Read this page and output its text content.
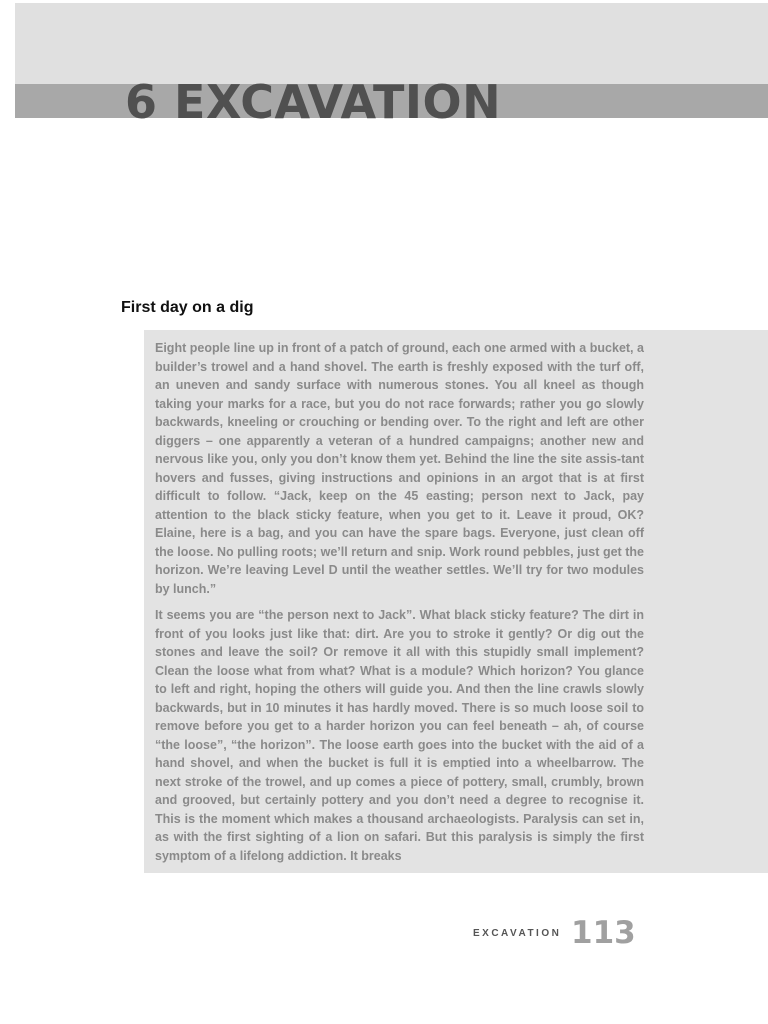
6 EXCAVATION
First day on a dig

Eight people line up in front of a patch of ground, each one armed with a bucket, a builder’s trowel and a hand shovel. The earth is freshly exposed with the turf off, an uneven and sandy surface with numerous stones. You all kneel as though taking your marks for a race, but you do not race forwards; rather you go slowly backwards, kneeling or crouching or bending over. To the right and left are other diggers – one apparently a veteran of a hundred campaigns; another new and nervous like you, only you don’t know them yet. Behind the line the site assis-tant hovers and fusses, giving instructions and opinions in an argot that is at first difficult to follow. “Jack, keep on the 45 easting; person next to Jack, pay attention to the black sticky feature, when you get to it. Leave it proud, OK? Elaine, here is a bag, and you can have the spare bags. Everyone, just clean off the loose. No pulling roots; we’ll return and snip. Work round pebbles, just get the horizon. We’re leaving Level D until the weather settles. We’ll try for two modules by lunch.”

It seems you are “the person next to Jack”. What black sticky feature? The dirt in front of you looks just like that: dirt. Are you to stroke it gently? Or dig out the stones and leave the soil? Or remove it all with this stupidly small implement? Clean the loose what from what? What is a module? Which horizon? You glance to left and right, hoping the others will guide you. And then the line crawls slowly backwards, but in 10 minutes it has hardly moved. There is so much loose soil to remove before you get to a harder horizon you can feel beneath – ah, of course “the loose”, “the horizon”. The loose earth goes into the bucket with the aid of a hand shovel, and when the bucket is full it is emptied into a wheelbarrow. The next stroke of the trowel, and up comes a piece of pottery, small, crumbly, brown and grooved, but certainly pottery and you don’t need a degree to recognise it. This is the moment which makes a thousand archaeologists. Paralysis can set in, as with the first sighting of a lion on safari. But this paralysis is simply the first symptom of a lifelong addiction. It breaks

EXCAVATION 113
